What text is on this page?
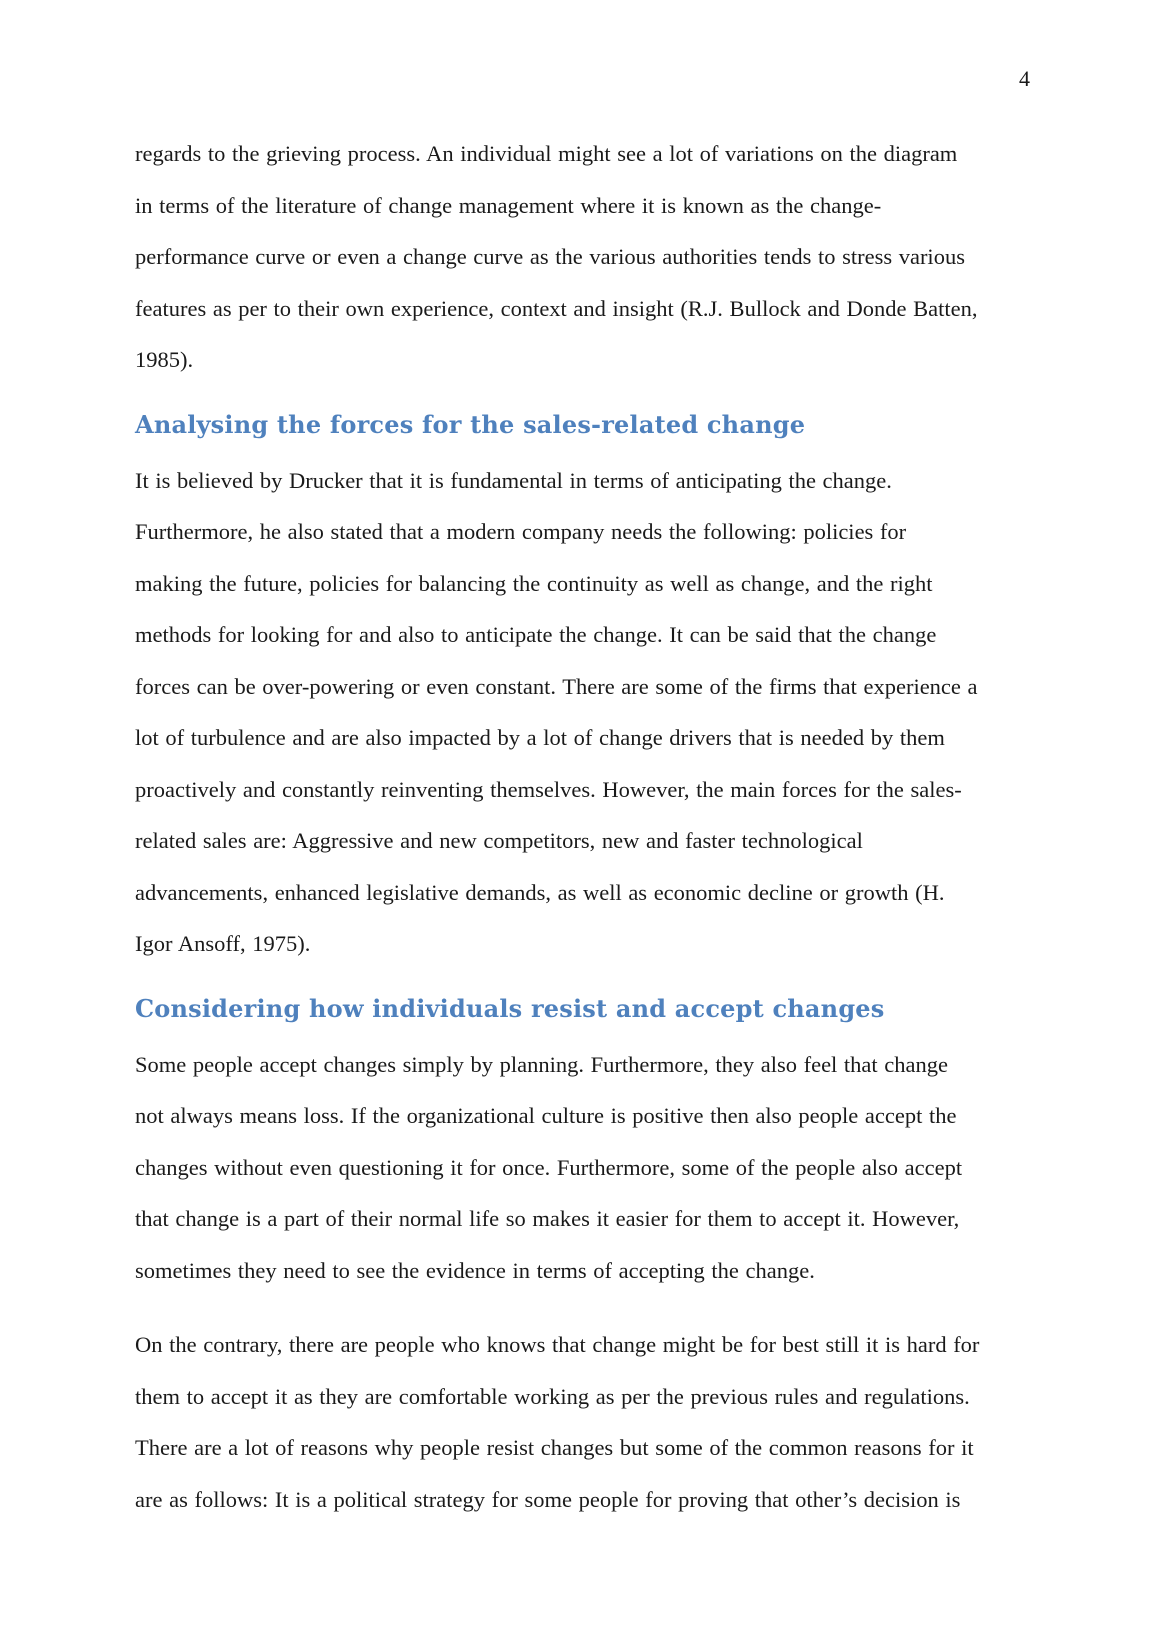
4

regards to the grieving process. An individual might see a lot of variations on the diagram in terms of the literature of change management where it is known as the change-performance curve or even a change curve as the various authorities tends to stress various features as per to their own experience, context and insight (R.J. Bullock and Donde Batten, 1985).

Analysing the forces for the sales-related change

It is believed by Drucker that it is fundamental in terms of anticipating the change. Furthermore, he also stated that a modern company needs the following: policies for making the future, policies for balancing the continuity as well as change, and the right methods for looking for and also to anticipate the change. It can be said that the change forces can be over-powering or even constant. There are some of the firms that experience a lot of turbulence and are also impacted by a lot of change drivers that is needed by them proactively and constantly reinventing themselves. However, the main forces for the sales-related sales are: Aggressive and new competitors, new and faster technological advancements, enhanced legislative demands, as well as economic decline or growth (H. Igor Ansoff, 1975).

Considering how individuals resist and accept changes

Some people accept changes simply by planning. Furthermore, they also feel that change not always means loss. If the organizational culture is positive then also people accept the changes without even questioning it for once. Furthermore, some of the people also accept that change is a part of their normal life so makes it easier for them to accept it. However, sometimes they need to see the evidence in terms of accepting the change.

On the contrary, there are people who knows that change might be for best still it is hard for them to accept it as they are comfortable working as per the previous rules and regulations. There are a lot of reasons why people resist changes but some of the common reasons for it are as follows: It is a political strategy for some people for proving that other’s decision is
